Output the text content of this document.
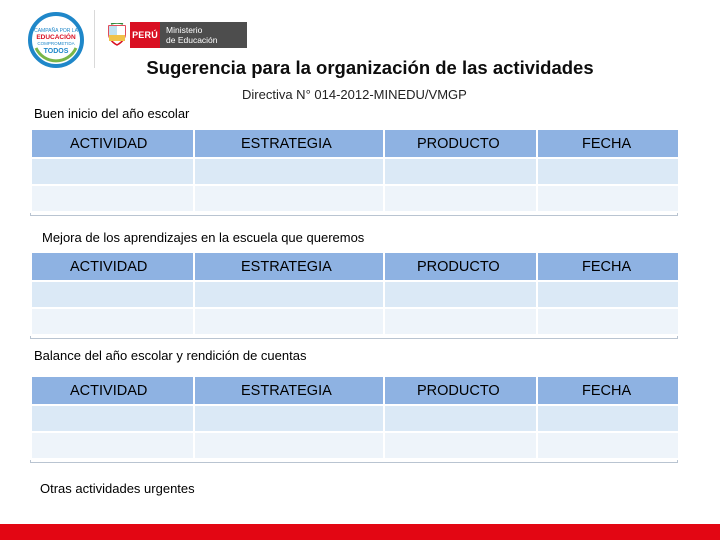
CAMPAÑA POR LA
EDUCACIÓN
COMPROMETIDA
TODOS
PERÚ Ministerio
de Educación
Sugerencia para la organización de las actividades
Directiva N° 014-2012-MINEDU/VMGP
Buen inicio del año escolar
ACTIVIDAD	ESTRATEGIA	PRODUCTO	FECHA

Mejora de los aprendizajes en la escuela que queremos
ACTIVIDAD	ESTRATEGIA	PRODUCTO	FECHA

Balance del año escolar y rendición de cuentas
ACTIVIDAD	ESTRATEGIA	PRODUCTO	FECHA

Otras actividades urgentes
